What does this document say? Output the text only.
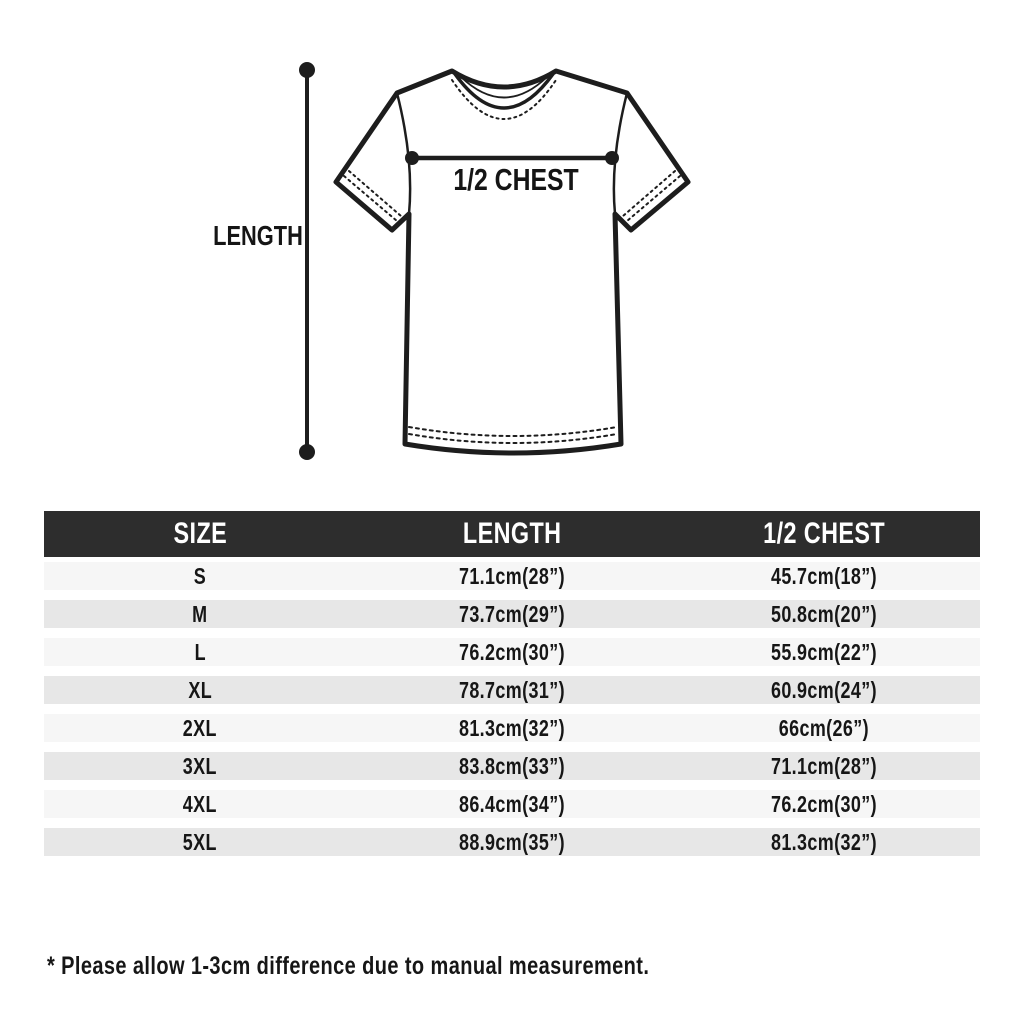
LENGTH
1/2 CHEST
SIZE	LENGTH	1/2 CHEST
S	71.1cm(28”)	45.7cm(18”)
M	73.7cm(29”)	50.8cm(20”)
L	76.2cm(30”)	55.9cm(22”)
XL	78.7cm(31”)	60.9cm(24”)
2XL	81.3cm(32”)	66cm(26”)
3XL	83.8cm(33”)	71.1cm(28”)
4XL	86.4cm(34”)	76.2cm(30”)
5XL	88.9cm(35”)	81.3cm(32”)
* Please allow 1-3cm difference due to manual measurement.
